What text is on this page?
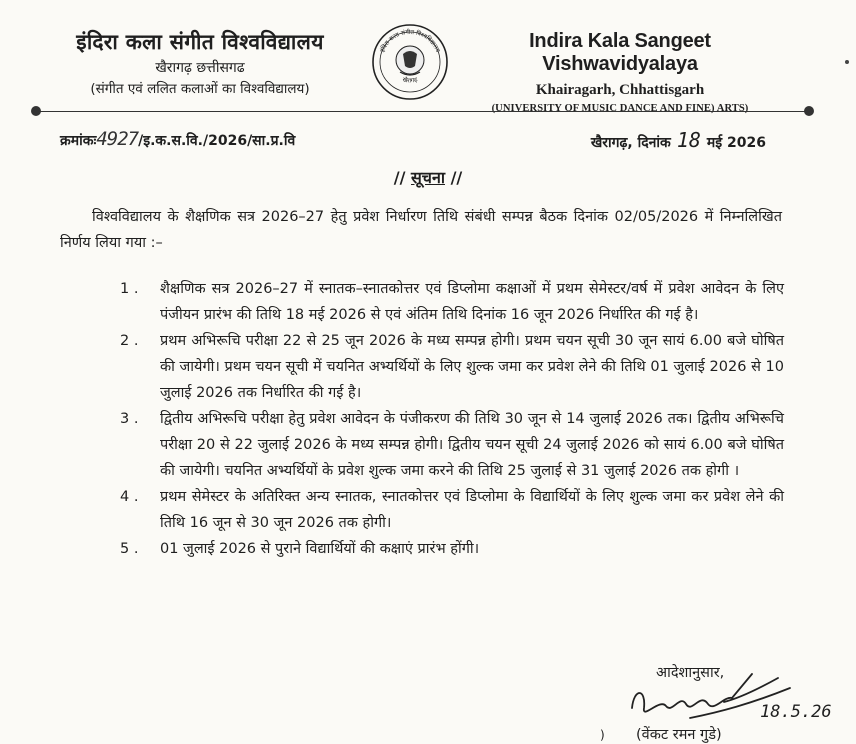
इंदिरा कला संगीत विश्वविद्यालय
खैरागढ़ छत्तीसगढ
(संगीत एवं ललित कलाओं का विश्वविद्यालय)
इंदिरा कला संगीत विश्वविद्यालय
खैरागढ़
Indira Kala Sangeet Vishwavidyalaya
Khairagarh, Chhattisgarh
(UNIVERSITY OF MUSIC DANCE AND FINE) ARTS)
क्रमांकः4927/इ.क.स.वि./2026/सा.प्र.वि	खैरागढ़, दिनांक 18 मई 2026
// सूचना //
विश्वविद्यालय के शैक्षणिक सत्र 2026–27 हेतु प्रवेश निर्धारण तिथि संबंधी सम्पन्न बैठक दिनांक 02/05/2026 में निम्नलिखित निर्णय लिया गया :–
1 . शैक्षणिक सत्र 2026–27 में स्नातक–स्नातकोत्तर एवं डिप्लोमा कक्षाओं में प्रथम सेमेस्टर/वर्ष में प्रवेश आवेदन के लिए पंजीयन प्रारंभ की तिथि 18 मई 2026 से एवं अंतिम तिथि दिनांक 16 जून 2026 निर्धारित की गई है।
2 . प्रथम अभिरूचि परीक्षा 22 से 25 जून 2026 के मध्य सम्पन्न होगी। प्रथम चयन सूची 30 जून सायं 6.00 बजे घोषित की जायेगी। प्रथम चयन सूची में चयनित अभ्यर्थियों के लिए शुल्क जमा कर प्रवेश लेने की तिथि 01 जुलाई 2026 से 10 जुलाई 2026 तक निर्धारित की गई है।
3 . द्वितीय अभिरूचि परीक्षा हेतु प्रवेश आवेदन के पंजीकरण की तिथि 30 जून से 14 जुलाई 2026 तक। द्वितीय अभिरूचि परीक्षा 20 से 22 जुलाई 2026 के मध्य सम्पन्न होगी। द्वितीय चयन सूची 24 जुलाई 2026 को सायं 6.00 बजे घोषित की जायेगी। चयनित अभ्यर्थियों के प्रवेश शुल्क जमा करने की तिथि 25 जुलाई से 31 जुलाई 2026 तक होगी ।
4 . प्रथम सेमेस्टर के अतिरिक्त अन्य स्नातक, स्नातकोत्तर एवं डिप्लोमा के विद्यार्थियों के लिए शुल्क जमा कर प्रवेश लेने की तिथि 16 जून से 30 जून 2026 तक होगी।
5 . 01 जुलाई 2026 से पुराने विद्यार्थियों की कक्षाएं प्रारंभ होंगी।
आदेशानुसार,
18.5.26
(वेंकट रमन गुडे)
)
